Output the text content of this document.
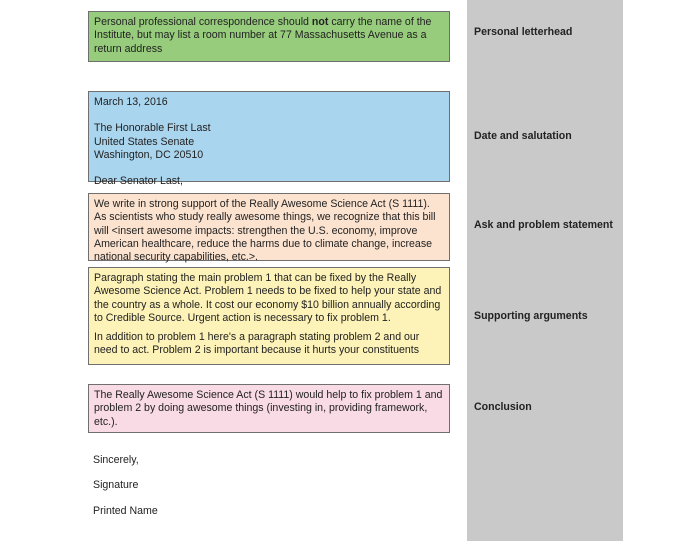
Personal professional correspondence should not carry the name of the Institute, but may list a room number at 77 Massachusetts Avenue as a return address

March 13, 2016

The Honorable First Last

United States Senate

Washington, DC 20510

Dear Senator Last,

We write in strong support of the Really Awesome Science Act (S 1111). As scientists who study really awesome things, we recognize that this bill will <insert awesome impacts: strengthen the U.S. economy, improve American healthcare, reduce the harms due to climate change, increase national security capabilities, etc.>.

Paragraph stating the main problem 1 that can be fixed by the Really Awesome Science Act. Problem 1 needs to be fixed to help your state and the country as a whole. It cost our economy $10 billion annually according to Credible Source. Urgent action is necessary to fix problem 1.

In addition to problem 1 here's a paragraph stating problem 2 and our need to act. Problem 2 is important because it hurts your constituents

The Really Awesome Science Act (S 1111) would help to fix problem 1 and problem 2 by doing awesome things (investing in, providing framework, etc.).

Personal letterhead
Date and salutation
Ask and problem statement
Supporting arguments
Conclusion
Sincerely,
Signature
Printed Name
